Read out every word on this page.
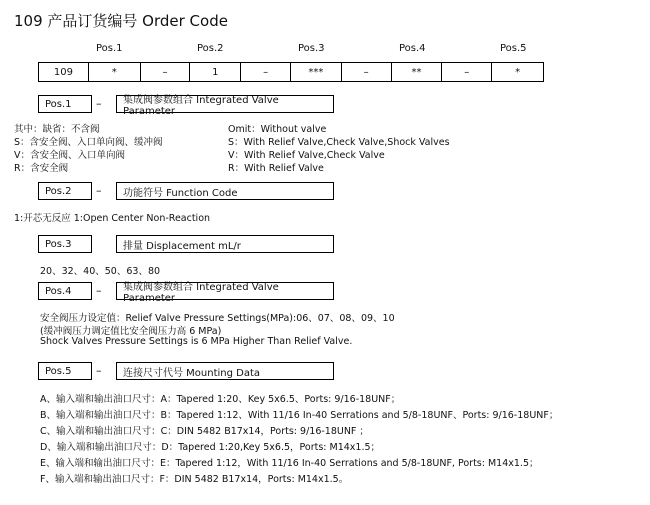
109 产品订货编号 Order Code
Pos.1	Pos.2	Pos.3	Pos.4	Pos.5
109	*	–	1	–	***	–	**	–	*
Pos.1	–	集成阀参数组合 Integrated Valve Parameter
其中：缺省：不含阀
S：含安全阀、入口单向阀、缓冲阀
V：含安全阀、入口单向阀
R：含安全阀
Omit：Without valve
S：With Relief Valve,Check Valve,Shock Valves
V：With Relief Valve,Check Valve
R：With Relief Valve
Pos.2	–	功能符号 Function Code
1:开芯无反应 1:Open Center Non-Reaction
Pos.3	排量 Displacement mL/r
20、32、40、50、63、80
Pos.4	–	集成阀参数组合 Integrated Valve Parameter
安全阀压力设定值：Relief Valve Pressure Settings(MPa):06、07、08、09、10
(缓冲阀压力调定值比安全阀压力高 6 MPa)
Shock Valves Pressure Settings is 6 MPa Higher Than Relief Valve.
Pos.5	–	连接尺寸代号 Mounting Data
A、输入端和输出油口尺寸：A：Tapered 1:20、Key 5x6.5、Ports: 9/16-18UNF；
B、输入端和输出油口尺寸：B：Tapered 1:12、With 11/16 In-40 Serrations and 5/8-18UNF、Ports: 9/16-18UNF；
C、输入端和输出油口尺寸：C：DIN 5482 B17x14，Ports: 9/16-18UNF ；
D、输入端和输出油口尺寸：D：Tapered 1:20,Key 5x6.5，Ports: M14x1.5；
E、输入端和输出油口尺寸：E：Tapered 1:12，With 11/16 In-40 Serrations and 5/8-18UNF, Ports: M14x1.5；
F、输入端和输出油口尺寸：F：DIN 5482 B17x14，Ports: M14x1.5。
